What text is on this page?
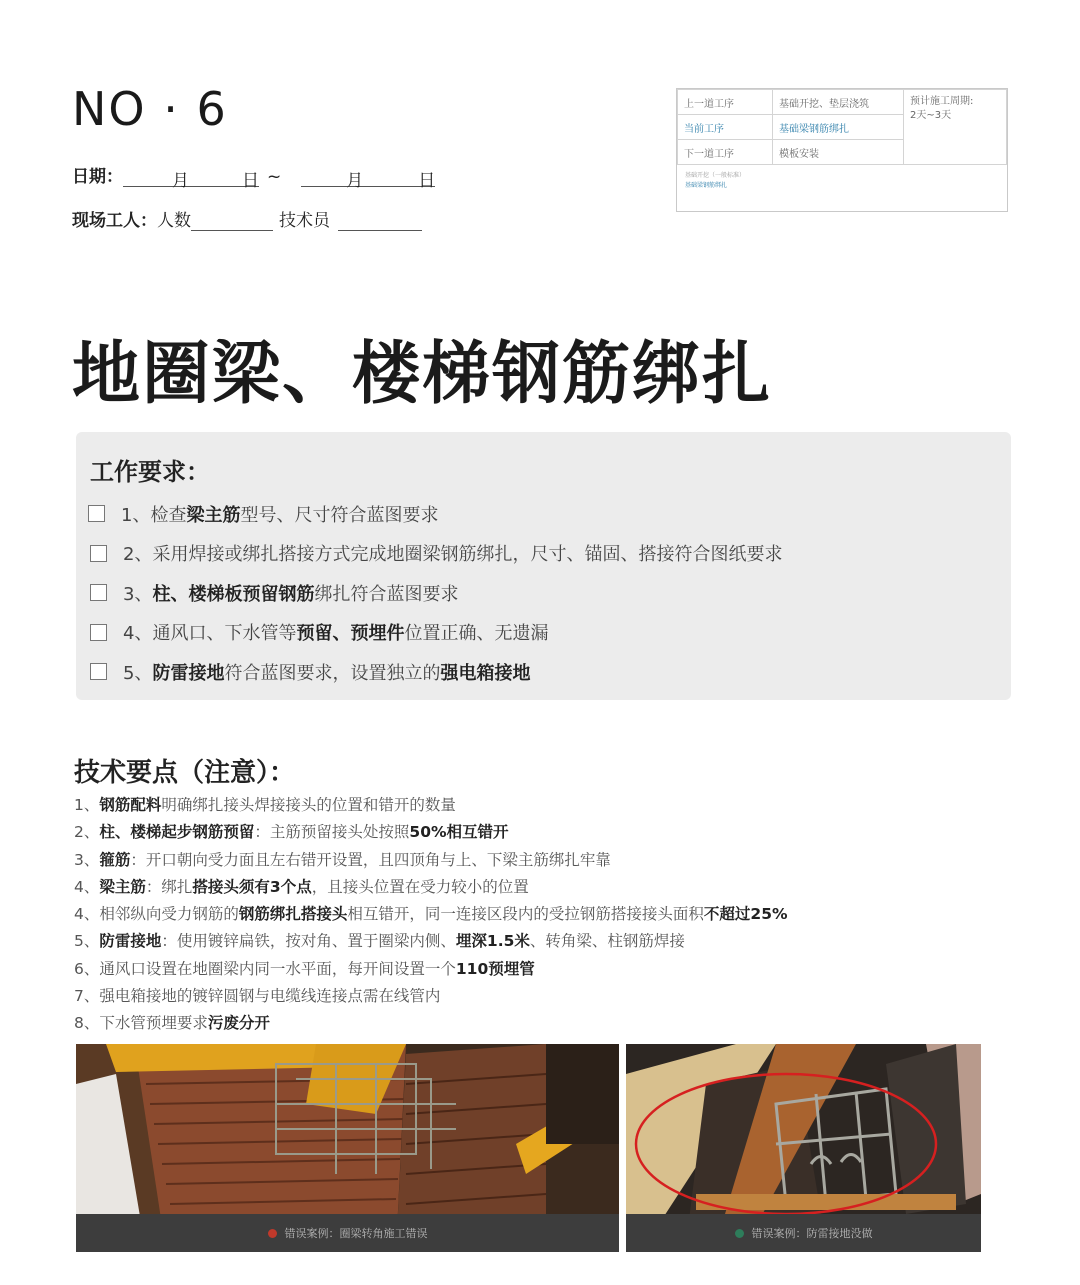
NO · 6
日期：	月	日 ~	月	日
现场工人： 人数	技术员
上一道工序	基础开挖、垫层浇筑	预计施工周期:
2天~3天

当前工序	基础梁钢筋绑扎	
下一道工序	模板安装	
基础开挖（一般标准）
基础梁钢筋绑扎
地圈梁、楼梯钢筋绑扎
工作要求：
1、检查 梁主筋 型号、尺寸符合蓝图要求
2、采用焊接或绑扎搭接方式完成地圈梁钢筋绑扎，尺寸、锚固、搭接符合图纸要求
3、 柱、楼梯板预留钢筋 绑扎符合蓝图要求
4、通风口、下水管等 预留、预埋件 位置正确、无遗漏
5、 防雷接地 符合蓝图要求，设置独立的 强电箱接地
技术要点（注意）：
1、钢筋配料明确绑扎接头焊接接头的位置和错开的数量
2、柱、楼梯起步钢筋预留：主筋预留接头处按照50%相互错开
3、箍筋：开口朝向受力面且左右错开设置，且四顶角与上、下梁主筋绑扎牢靠
4、梁主筋：绑扎搭接头须有3个点，且接头位置在受力较小的位置
4、相邻纵向受力钢筋的钢筋绑扎搭接头相互错开，同一连接区段内的受拉钢筋搭接接头面积不超过25%
5、防雷接地：使用镀锌扁铁，按对角、置于圈梁内侧、埋深1.5米、转角梁、柱钢筋焊接
6、通风口设置在地圈梁内同一水平面，每开间设置一个110预埋管
7、强电箱接地的镀锌圆钢与电缆线连接点需在线管内
8、下水管预埋要求污废分开
错误案例：圈梁转角施工错误	错误案例：防雷接地没做
